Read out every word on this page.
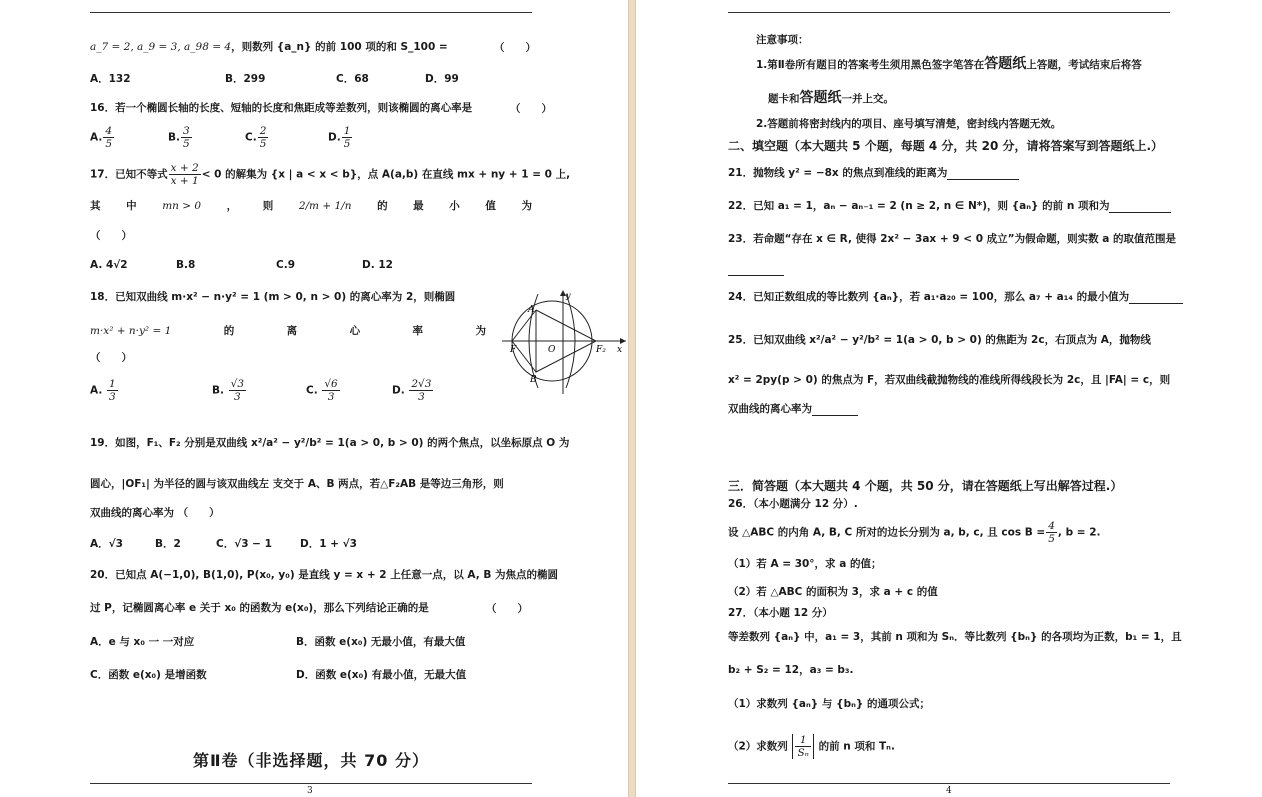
a_7 = 2, a_9 = 3, a_98 = 4，则数列 {a_n} 的前 100 项的和 S_100 =	（　　）
A．132	B．299	C．68	D．99
16．若一个椭圆长轴的长度、短轴的长度和焦距成等差数列，则该椭圆的离心率是	（　　）
A. $\frac{4}{5}$	B. $\frac{3}{5}$	C. $\frac{2}{5}$	D. $\frac{1}{5}$
17．已知不等式 $\frac{x + 2}{x + 1} < 0$ 的解集为 {x | a < x < b}，点 A(a,b) 在直线 mx + ny + 1 = 0 上,
其 中 mn > 0 ， 则 2/m + 1/n 的 最 小 值 为
（　　）
A. 4√2	B.8	C.9	D. 12
18．已知双曲线 m·x² − n·y² = 1 (m > 0, n > 0) 的离心率为 2，则椭圆
m·x² + n·y² = 1	的	离	心	率	为
（　　）
A. $\frac{1}{3}$	B. $\frac{√3}{3}$	C. $\frac{√6}{3}$	D. $\frac{2√3}{3}$
A
y
F	O	F₂ x
B
19．如图，F₁、F₂ 分别是双曲线 x²/a² − y²/b² = 1(a > 0, b > 0) 的两个焦点，以坐标原点 O 为
圆心，|OF₁| 为半径的圆与该双曲线左 支交于 A、B 两点，若△F₂AB 是等边三角形，则
双曲线的离心率为 （　　）
A．√3	B．2	C．√3 − 1	D．1 + √3
20．已知点 A(−1,0), B(1,0), P(x₀, y₀) 是直线 y = x + 2 上任意一点，以 A, B 为焦点的椭圆
过 P，记椭圆离心率 e 关于 x₀ 的函数为 e(x₀)，那么下列结论正确的是	（　　）
A．e 与 x₀ 一 一对应	B．函数 e(x₀) 无最小值，有最大值
C．函数 e(x₀) 是增函数	D．函数 e(x₀) 有最小值，无最大值
第Ⅱ卷（非选择题，共 70 分）
3
注意事项：
1.第Ⅱ卷所有题目的答案考生须用黑色签字笔答在答题纸上答题，考试结束后将答
题卡和答题纸一并上交。
2.答题前将密封线内的项目、座号填写清楚，密封线内答题无效。
二、填空题（本大题共 5 个题，每题 4 分，共 20 分，请将答案写到答题纸上.）
21．抛物线 y² = −8x 的焦点到准线的距离为
22．已知 a₁ = 1，aₙ − aₙ₋₁ = 2 (n ≥ 2, n ∈ N*)，则 {aₙ} 的前 n 项和为
23．若命题“存在 x ∈ R, 使得 2x² − 3ax + 9 < 0 成立”为假命题，则实数 a 的取值范围是
24．已知正数组成的等比数列 {aₙ}，若 a₁·a₂₀ = 100，那么 a₇ + a₁₄ 的最小值为
25．已知双曲线 x²/a² − y²/b² = 1(a > 0, b > 0) 的焦距为 2c，右顶点为 A，抛物线
x² = 2py(p > 0) 的焦点为 F，若双曲线截抛物线的准线所得线段长为 2c，且 |FA| = c，则
双曲线的离心率为
三．简答题（本大题共 4 个题，共 50 分，请在答题纸上写出解答过程.）
26．（本小题满分 12 分）.
设 △ABC 的内角 A, B, C 所对的边长分别为 a, b, c, 且 $\cos B = \frac{4}{5}$ , b = 2.
（1）若 A = 30°，求 a 的值；
（2）若 △ABC 的面积为 3，求 a + c 的值
27．（本小题 12 分）
等差数列 {aₙ} 中，a₁ = 3，其前 n 项和为 Sₙ．等比数列 {bₙ} 的各项均为正数，b₁ = 1，且
b₂ + S₂ = 12，a₃ = b₃.
（1）求数列 {aₙ} 与 {bₙ} 的通项公式；
（2）求数列 $\frac{1}{\text{Sₙ}}$ 的前 n 项和 Tₙ.
4
